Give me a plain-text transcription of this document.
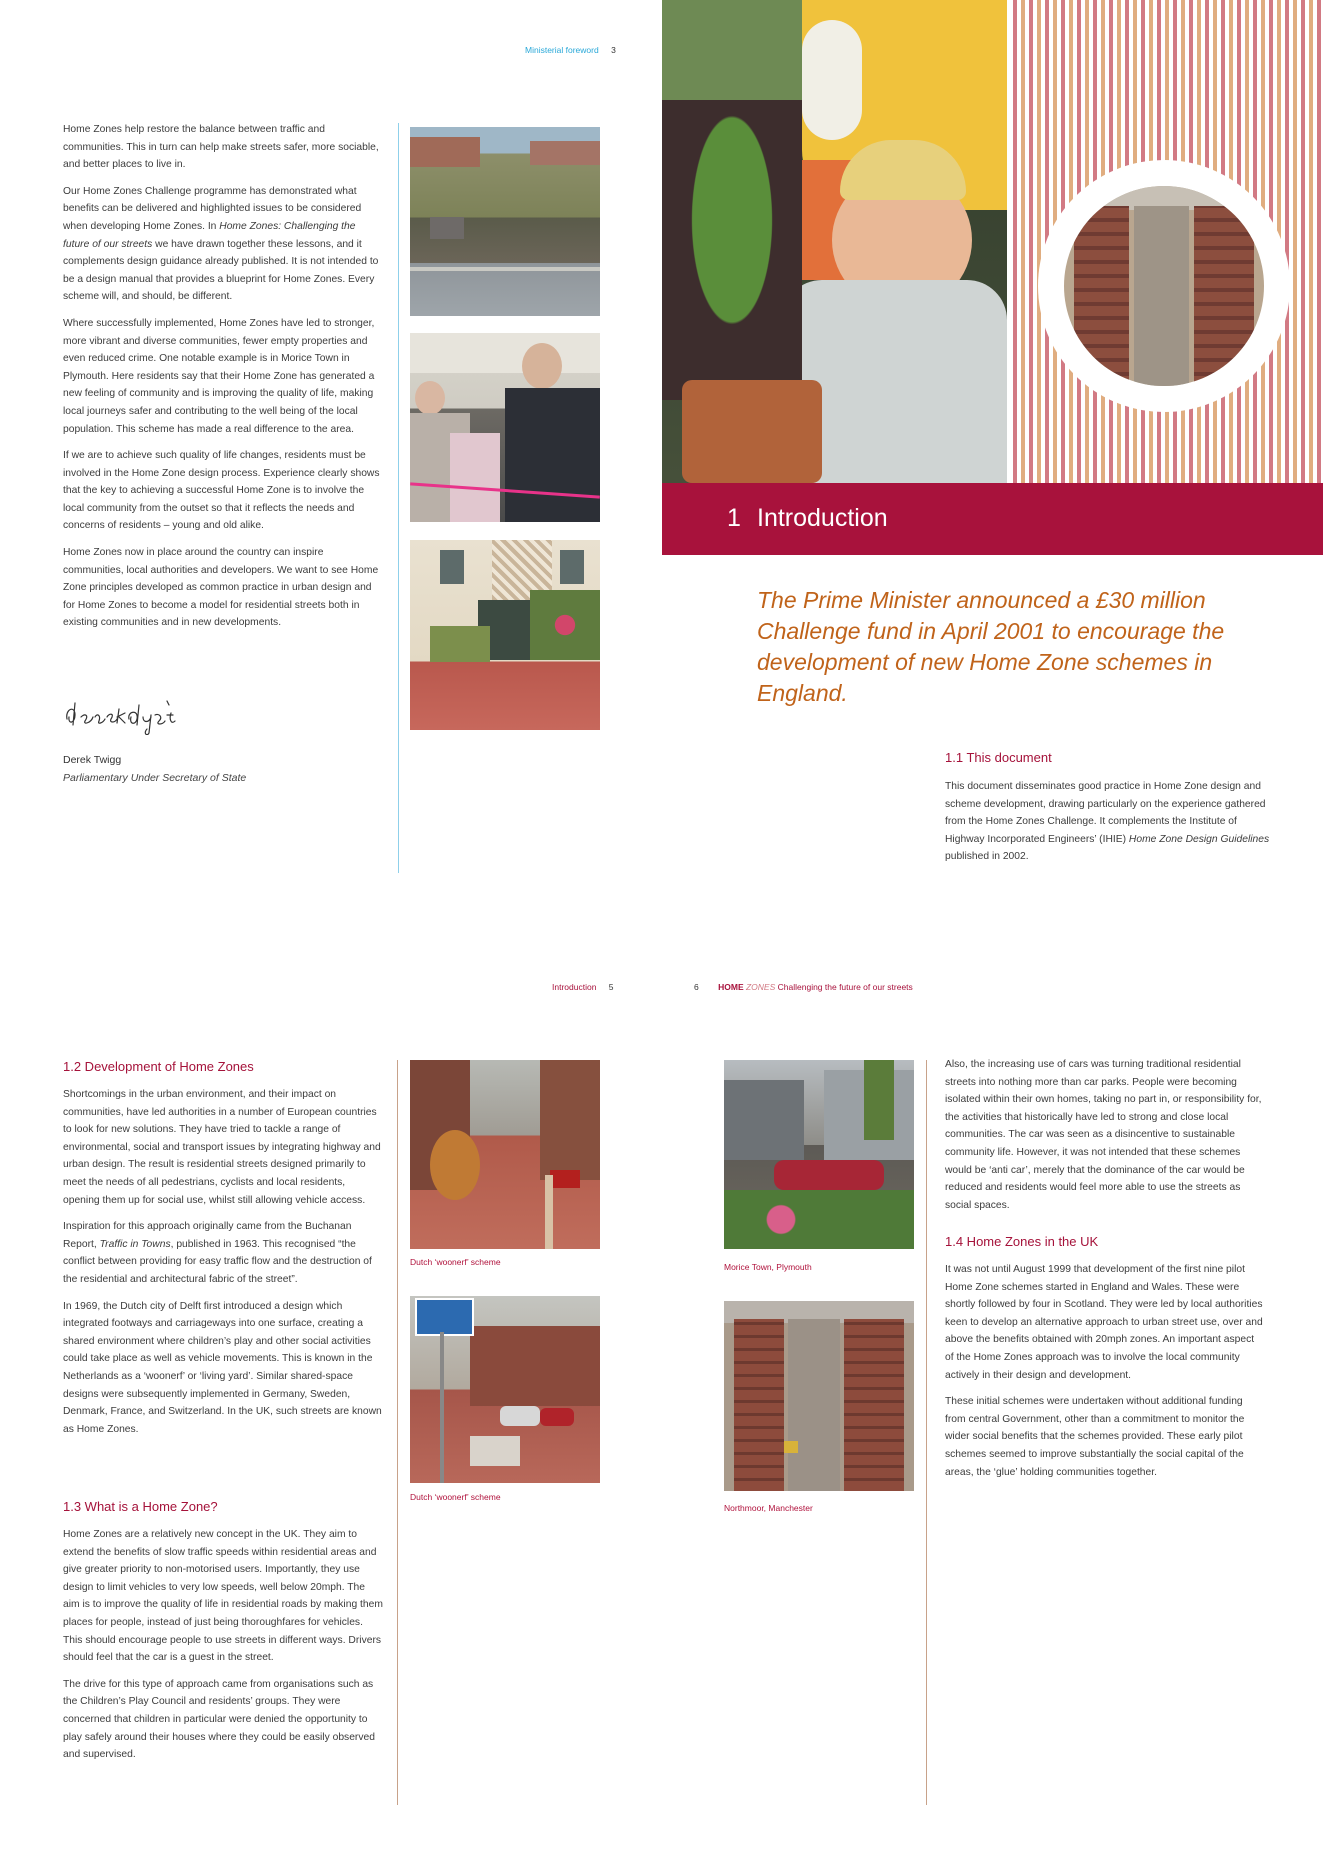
Ministerial foreword 3

Home Zones help restore the balance between traffic and communities. This in turn can help make streets safer, more sociable, and better places to live in.

Our Home Zones Challenge programme has demonstrated what benefits can be delivered and highlighted issues to be considered when developing Home Zones. In Home Zones: Challenging the future of our streets we have drawn together these lessons, and it complements design guidance already published. It is not intended to be a design manual that provides a blueprint for Home Zones. Every scheme will, and should, be different.

Where successfully implemented, Home Zones have led to stronger, more vibrant and diverse communities, fewer empty properties and even reduced crime. One notable example is in Morice Town in Plymouth. Here residents say that their Home Zone has generated a new feeling of community and is improving the quality of life, making local journeys safer and contributing to the well being of the local population. This scheme has made a real difference to the area.

If we are to achieve such quality of life changes, residents must be involved in the Home Zone design process. Experience clearly shows that the key to achieving a successful Home Zone is to involve the local community from the outset so that it reflects the needs and concerns of residents – young and old alike.

Home Zones now in place around the country can inspire communities, local authorities and developers. We want to see Home Zone principles developed as common practice in urban design and for Home Zones to become a model for residential streets both in existing communities and in new developments.

Derek Twigg
Parliamentary Under Secretary of State
1 Introduction
The Prime Minister announced a £30 million Challenge fund in April 2001 to encourage the development of new Home Zone schemes in England.
1.1 This document
This document disseminates good practice in Home Zone design and scheme development, drawing particularly on the experience gathered from the Home Zones Challenge. It complements the Institute of Highway Incorporated Engineers’ (IHIE) Home Zone Design Guidelines published in 2002.
Introduction 5
1.2 Development of Home Zones

Shortcomings in the urban environment, and their impact on communities, have led authorities in a number of European countries to look for new solutions. They have tried to tackle a range of environmental, social and transport issues by integrating highway and urban design. The result is residential streets designed primarily to meet the needs of all pedestrians, cyclists and local residents, opening them up for social use, whilst still allowing vehicle access.

Inspiration for this approach originally came from the Buchanan Report, Traffic in Towns, published in 1963. This recognised “the conflict between providing for easy traffic flow and the destruction of the residential and architectural fabric of the street”.

In 1969, the Dutch city of Delft first introduced a design which integrated footways and carriageways into one surface, creating a shared environment where children’s play and other social activities could take place as well as vehicle movements. This is known in the Netherlands as a ‘woonerf’ or ‘living yard’. Similar shared-space designs were subsequently implemented in Germany, Sweden, Denmark, France, and Switzerland. In the UK, such streets are known as Home Zones.

1.3 What is a Home Zone?

Home Zones are a relatively new concept in the UK. They aim to extend the benefits of slow traffic speeds within residential areas and give greater priority to non-motorised users. Importantly, they use design to limit vehicles to very low speeds, well below 20mph. The aim is to improve the quality of life in residential roads by making them places for people, instead of just being thoroughfares for vehicles. This should encourage people to use streets in different ways. Drivers should feel that the car is a guest in the street.

The drive for this type of approach came from organisations such as the Children’s Play Council and residents’ groups. They were concerned that children in particular were denied the opportunity to play safely around their houses where they could be easily observed and supervised.

Dutch ‘woonerf’ scheme
Dutch ‘woonerf’ scheme
6 HOME ZONES Challenging the future of our streets
Morice Town, Plymouth
Northmoor, Manchester

Also, the increasing use of cars was turning traditional residential streets into nothing more than car parks. People were becoming isolated within their own homes, taking no part in, or responsibility for, the activities that historically have led to strong and close local communities. The car was seen as a disincentive to sustainable community life. However, it was not intended that these schemes would be ‘anti car’, merely that the dominance of the car would be reduced and residents would feel more able to use the streets as social spaces.

1.4 Home Zones in the UK

It was not until August 1999 that development of the first nine pilot Home Zone schemes started in England and Wales. These were shortly followed by four in Scotland. They were led by local authorities keen to develop an alternative approach to urban street use, over and above the benefits obtained with 20mph zones. An important aspect of the Home Zones approach was to involve the local community actively in their design and development.

These initial schemes were undertaken without additional funding from central Government, other than a commitment to monitor the wider social benefits that the schemes provided. These early pilot schemes seemed to improve substantially the social capital of the areas, the ‘glue’ holding communities together.
